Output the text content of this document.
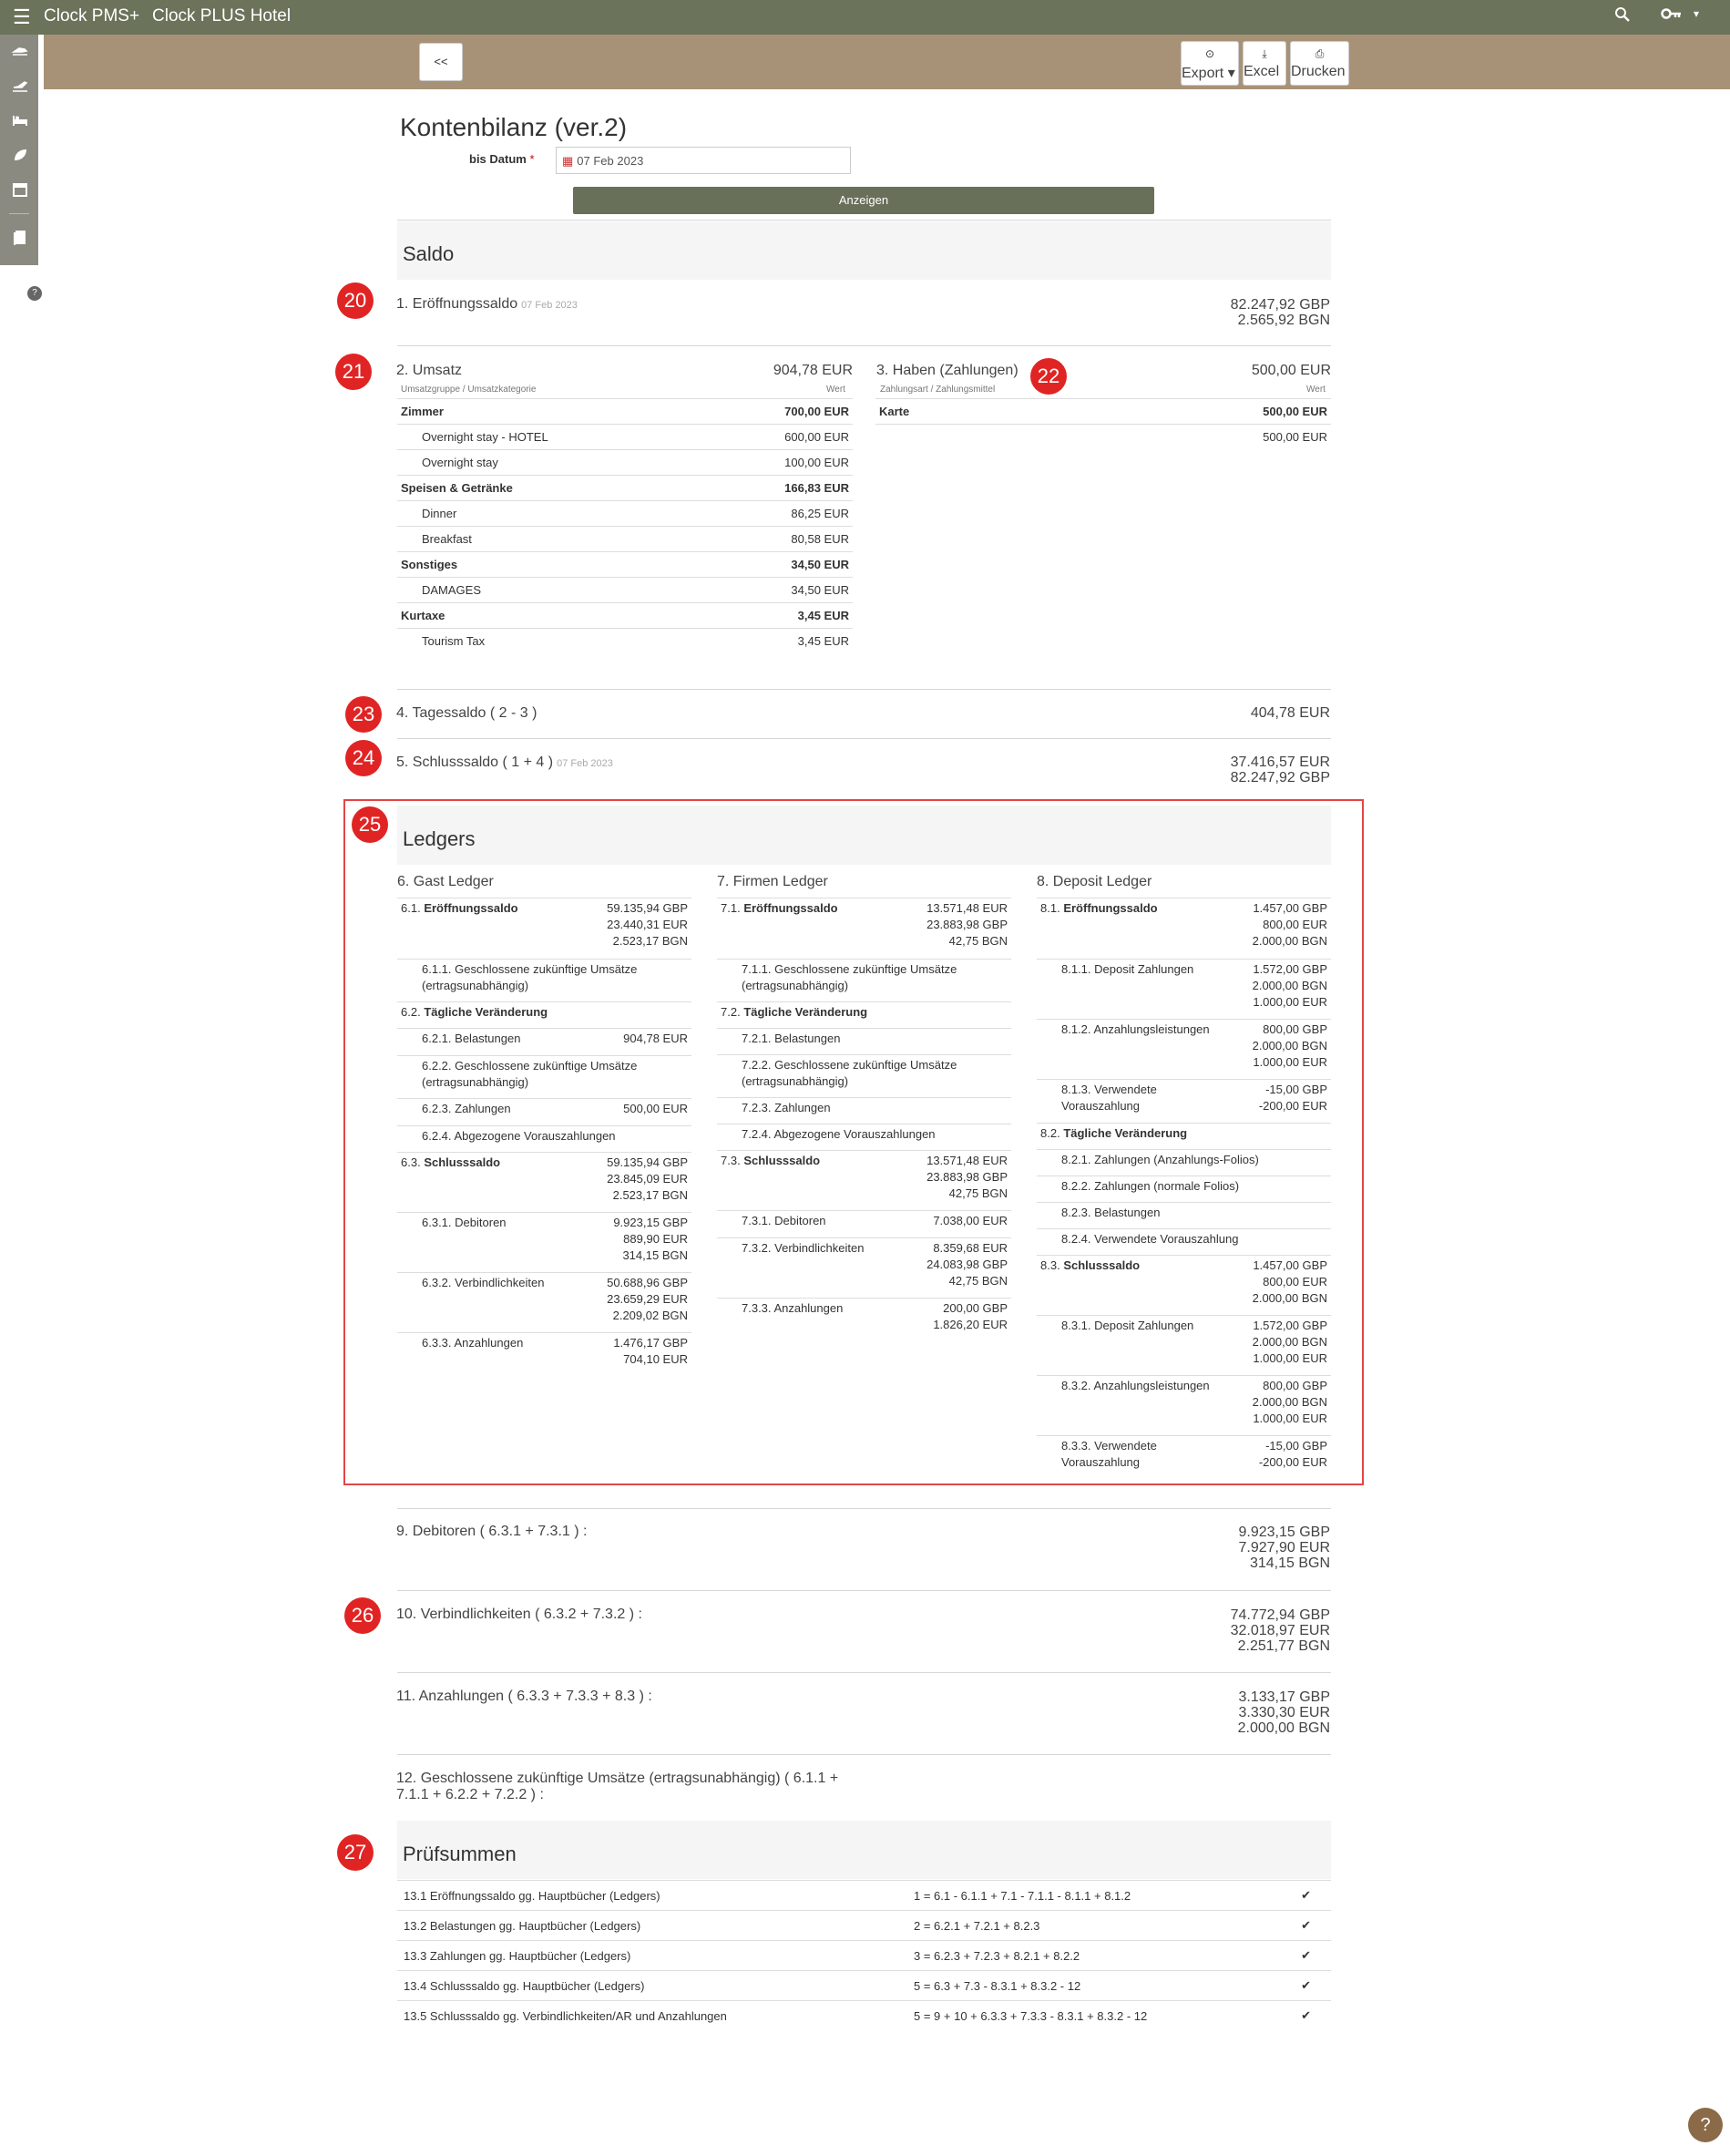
☰ Clock PMS+ Clock PLUS Hotel	▾
?
<<
⊙
Export ▾
⤓
Excel
⎙
Drucken
Kontenbilanz (ver.2)
bis Datum *	▦ 07 Feb 2023
Anzeigen
Saldo
20	1. Eröffnungssaldo 07 Feb 2023	82.247,92 GBP
2.565,92 BGN
21	2. Umsatz	904,78 EUR
Umsatzgruppe / Umsatzkategorie	Wert
Zimmer	700,00 EUR
Overnight stay - HOTEL	600,00 EUR
Overnight stay	100,00 EUR
Speisen & Getränke	166,83 EUR
Dinner	86,25 EUR
Breakfast	80,58 EUR
Sonstiges	34,50 EUR
DAMAGES	34,50 EUR
Kurtaxe	3,45 EUR
Tourism Tax	3,45 EUR
3. Haben (Zahlungen) 22	500,00 EUR
Zahlungsart / Zahlungsmittel	Wert
Karte	500,00 EUR
	500,00 EUR
23	4. Tagessaldo ( 2 - 3 )	404,78 EUR
24	5. Schlusssaldo ( 1 + 4 ) 07 Feb 2023	37.416,57 EUR
82.247,92 GBP
25
Ledgers
6. Gast Ledger
6.1. Eröffnungssaldo	59.135,94 GBP
23.440,31 EUR
2.523,17 BGN
6.1.1. Geschlossene zukünftige Umsätze (ertragsunabhängig)
6.2. Tägliche Veränderung
6.2.1. Belastungen	904,78 EUR
6.2.2. Geschlossene zukünftige Umsätze (ertragsunabhängig)
6.2.3. Zahlungen	500,00 EUR
6.2.4. Abgezogene Vorauszahlungen
6.3. Schlusssaldo	59.135,94 GBP
23.845,09 EUR
2.523,17 BGN
6.3.1. Debitoren	9.923,15 GBP
889,90 EUR
314,15 BGN
6.3.2. Verbindlichkeiten	50.688,96 GBP
23.659,29 EUR
2.209,02 BGN
6.3.3. Anzahlungen	1.476,17 GBP
704,10 EUR
7. Firmen Ledger
7.1. Eröffnungssaldo	13.571,48 EUR
23.883,98 GBP
42,75 BGN
7.1.1. Geschlossene zukünftige Umsätze (ertragsunabhängig)
7.2. Tägliche Veränderung
7.2.1. Belastungen
7.2.2. Geschlossene zukünftige Umsätze (ertragsunabhängig)
7.2.3. Zahlungen
7.2.4. Abgezogene Vorauszahlungen
7.3. Schlusssaldo	13.571,48 EUR
23.883,98 GBP
42,75 BGN
7.3.1. Debitoren	7.038,00 EUR
7.3.2. Verbindlichkeiten	8.359,68 EUR
24.083,98 GBP
42,75 BGN
7.3.3. Anzahlungen	200,00 GBP
1.826,20 EUR
8. Deposit Ledger
8.1. Eröffnungssaldo	1.457,00 GBP
800,00 EUR
2.000,00 BGN
8.1.1. Deposit Zahlungen	1.572,00 GBP
2.000,00 BGN
1.000,00 EUR
8.1.2. Anzahlungsleistungen	800,00 GBP
2.000,00 BGN
1.000,00 EUR
8.1.3. Verwendete Vorauszahlung
-15,00 GBP
-200,00 EUR
8.2. Tägliche Veränderung
8.2.1. Zahlungen (Anzahlungs-Folios)
8.2.2. Zahlungen (normale Folios)
8.2.3. Belastungen
8.2.4. Verwendete Vorauszahlung
8.3. Schlusssaldo	1.457,00 GBP
800,00 EUR
2.000,00 BGN
8.3.1. Deposit Zahlungen	1.572,00 GBP
2.000,00 BGN
1.000,00 EUR
8.3.2. Anzahlungsleistungen	800,00 GBP
2.000,00 BGN
1.000,00 EUR
8.3.3. Verwendete Vorauszahlung
-15,00 GBP
-200,00 EUR
9. Debitoren ( 6.3.1 + 7.3.1 ) :	9.923,15 GBP
7.927,90 EUR
314,15 BGN
26	10. Verbindlichkeiten ( 6.3.2 + 7.3.2 ) :	74.772,94 GBP
32.018,97 EUR
2.251,77 BGN
11. Anzahlungen ( 6.3.3 + 7.3.3 + 8.3 ) :	3.133,17 GBP
3.330,30 EUR
2.000,00 BGN
12. Geschlossene zukünftige Umsätze (ertragsunabhängig) ( 6.1.1 +
7.1.1 + 6.2.2 + 7.2.2 ) :
27	Prüfsummen
13.1 Eröffnungssaldo gg. Hauptbücher (Ledgers)	1 = 6.1 - 6.1.1 + 7.1 - 7.1.1 - 8.1.1 + 8.1.2	✔
13.2 Belastungen gg. Hauptbücher (Ledgers)	2 = 6.2.1 + 7.2.1 + 8.2.3	✔
13.3 Zahlungen gg. Hauptbücher (Ledgers)	3 = 6.2.3 + 7.2.3 + 8.2.1 + 8.2.2	✔
13.4 Schlusssaldo gg. Hauptbücher (Ledgers)	5 = 6.3 + 7.3 - 8.3.1 + 8.3.2 - 12	✔
13.5 Schlusssaldo gg. Verbindlichkeiten/AR und Anzahlungen	5 = 9 + 10 + 6.3.3 + 7.3.3 - 8.3.1 + 8.3.2 - 12	✔
?
